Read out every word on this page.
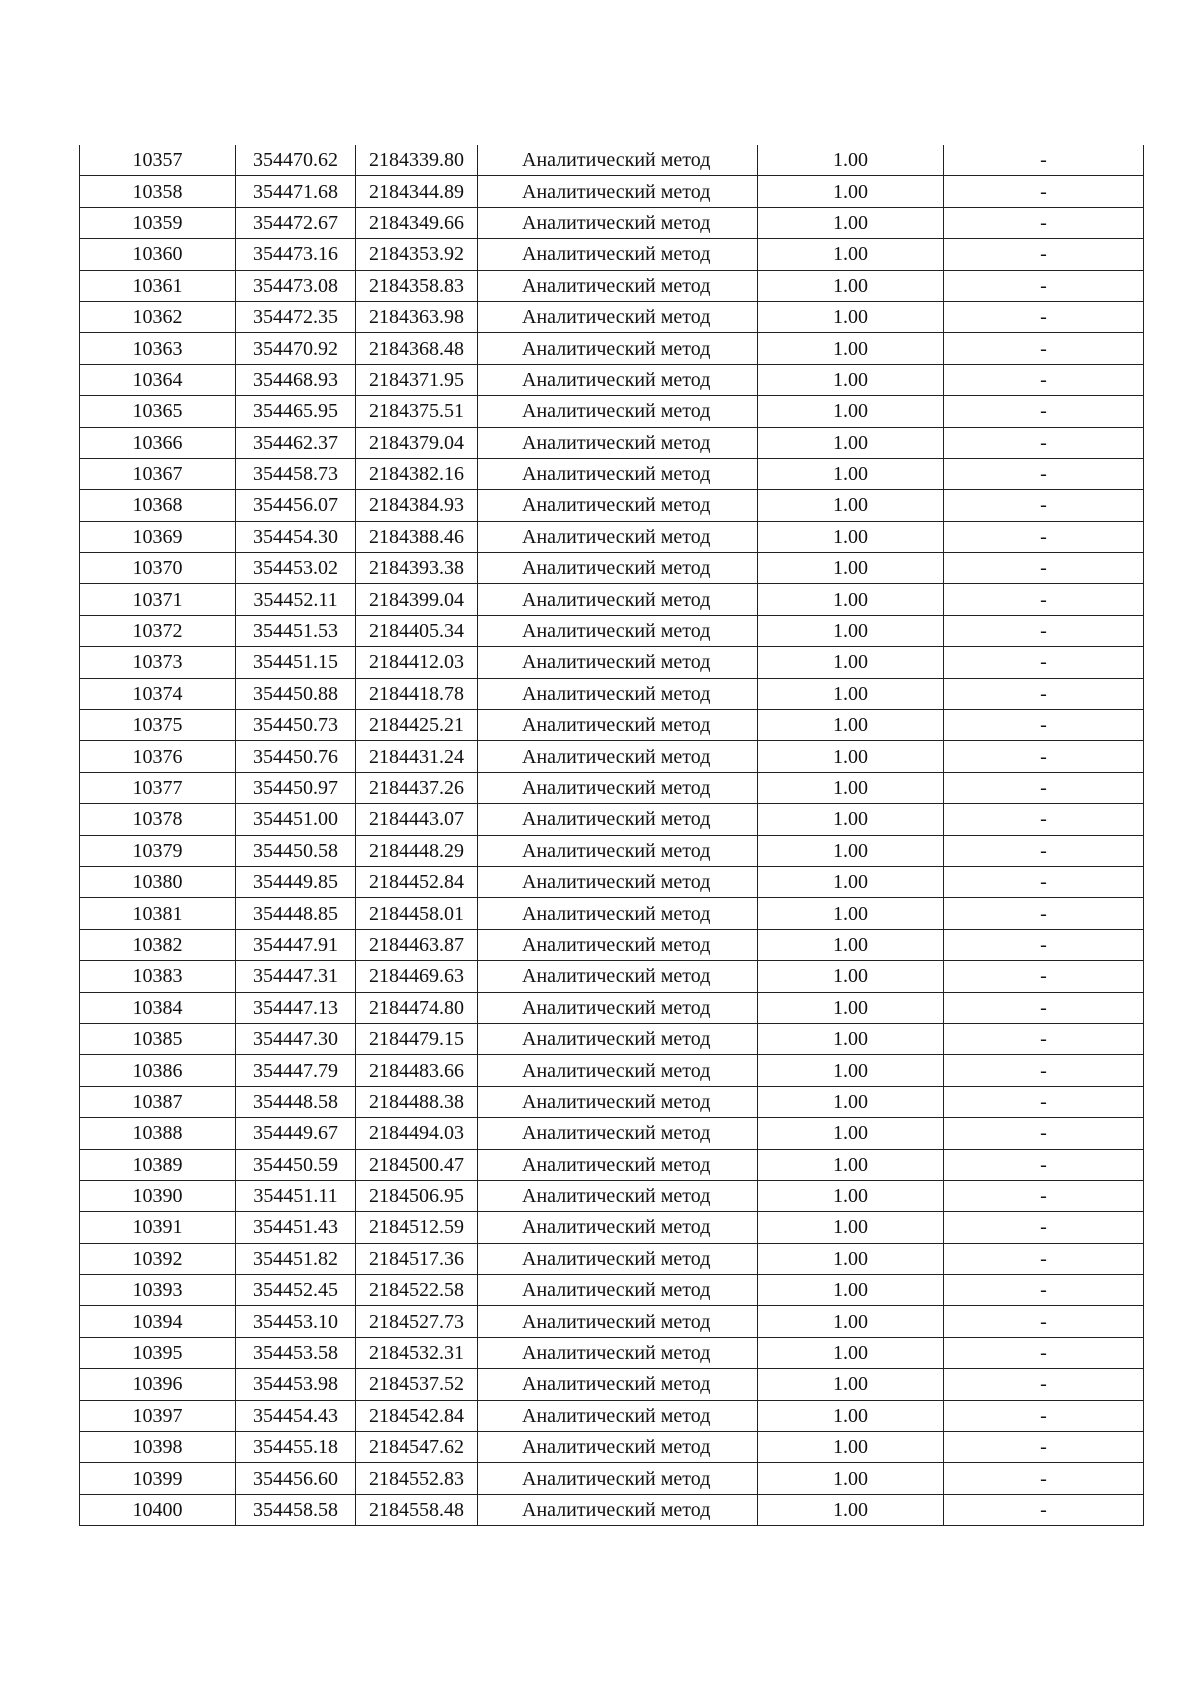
10357	354470.62	2184339.80	Аналитический метод	1.00	-
10358	354471.68	2184344.89	Аналитический метод	1.00	-
10359	354472.67	2184349.66	Аналитический метод	1.00	-
10360	354473.16	2184353.92	Аналитический метод	1.00	-
10361	354473.08	2184358.83	Аналитический метод	1.00	-
10362	354472.35	2184363.98	Аналитический метод	1.00	-
10363	354470.92	2184368.48	Аналитический метод	1.00	-
10364	354468.93	2184371.95	Аналитический метод	1.00	-
10365	354465.95	2184375.51	Аналитический метод	1.00	-
10366	354462.37	2184379.04	Аналитический метод	1.00	-
10367	354458.73	2184382.16	Аналитический метод	1.00	-
10368	354456.07	2184384.93	Аналитический метод	1.00	-
10369	354454.30	2184388.46	Аналитический метод	1.00	-
10370	354453.02	2184393.38	Аналитический метод	1.00	-
10371	354452.11	2184399.04	Аналитический метод	1.00	-
10372	354451.53	2184405.34	Аналитический метод	1.00	-
10373	354451.15	2184412.03	Аналитический метод	1.00	-
10374	354450.88	2184418.78	Аналитический метод	1.00	-
10375	354450.73	2184425.21	Аналитический метод	1.00	-
10376	354450.76	2184431.24	Аналитический метод	1.00	-
10377	354450.97	2184437.26	Аналитический метод	1.00	-
10378	354451.00	2184443.07	Аналитический метод	1.00	-
10379	354450.58	2184448.29	Аналитический метод	1.00	-
10380	354449.85	2184452.84	Аналитический метод	1.00	-
10381	354448.85	2184458.01	Аналитический метод	1.00	-
10382	354447.91	2184463.87	Аналитический метод	1.00	-
10383	354447.31	2184469.63	Аналитический метод	1.00	-
10384	354447.13	2184474.80	Аналитический метод	1.00	-
10385	354447.30	2184479.15	Аналитический метод	1.00	-
10386	354447.79	2184483.66	Аналитический метод	1.00	-
10387	354448.58	2184488.38	Аналитический метод	1.00	-
10388	354449.67	2184494.03	Аналитический метод	1.00	-
10389	354450.59	2184500.47	Аналитический метод	1.00	-
10390	354451.11	2184506.95	Аналитический метод	1.00	-
10391	354451.43	2184512.59	Аналитический метод	1.00	-
10392	354451.82	2184517.36	Аналитический метод	1.00	-
10393	354452.45	2184522.58	Аналитический метод	1.00	-
10394	354453.10	2184527.73	Аналитический метод	1.00	-
10395	354453.58	2184532.31	Аналитический метод	1.00	-
10396	354453.98	2184537.52	Аналитический метод	1.00	-
10397	354454.43	2184542.84	Аналитический метод	1.00	-
10398	354455.18	2184547.62	Аналитический метод	1.00	-
10399	354456.60	2184552.83	Аналитический метод	1.00	-
10400	354458.58	2184558.48	Аналитический метод	1.00	-
